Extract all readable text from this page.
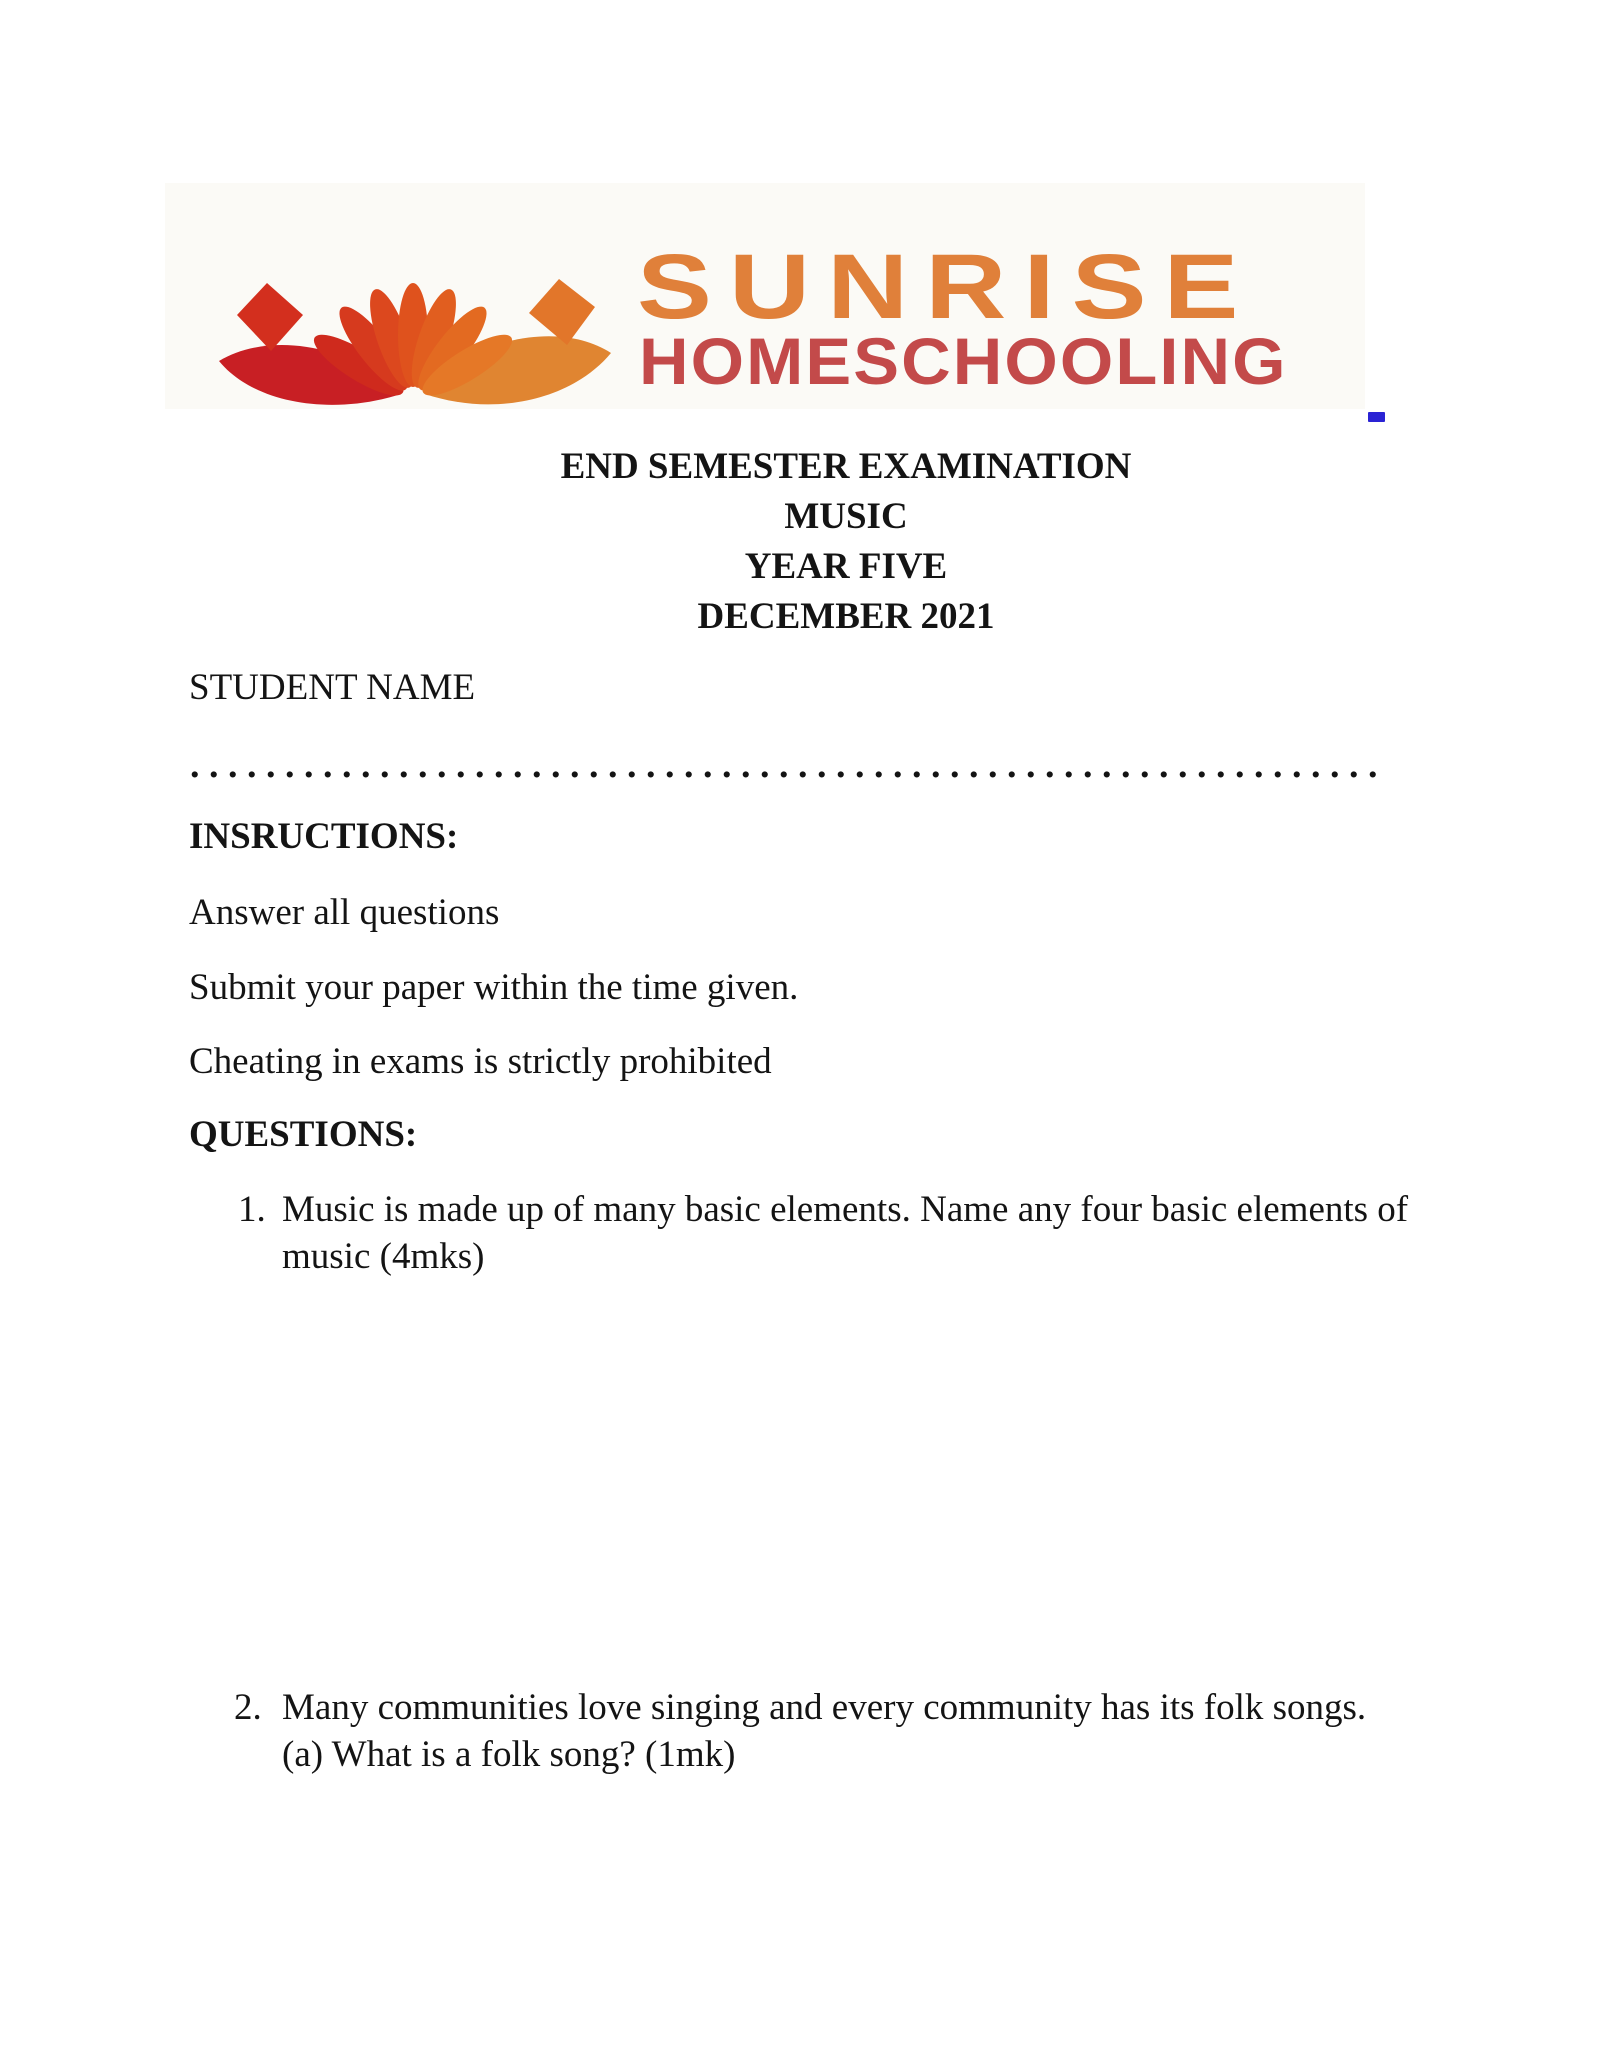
SUNRISE
HOMESCHOOLING
END SEMESTER EXAMINATION
MUSIC
YEAR FIVE
DECEMBER 2021
STUDENT NAME
...............................................................
INSRUCTIONS:
Answer all questions
Submit your paper within the time given.
Cheating in exams is strictly prohibited
QUESTIONS:
1. Music is made up of many basic elements. Name any four basic elements of
music (4mks)
2. Many communities love singing and every community has its folk songs.
(a) What is a folk song? (1mk)
